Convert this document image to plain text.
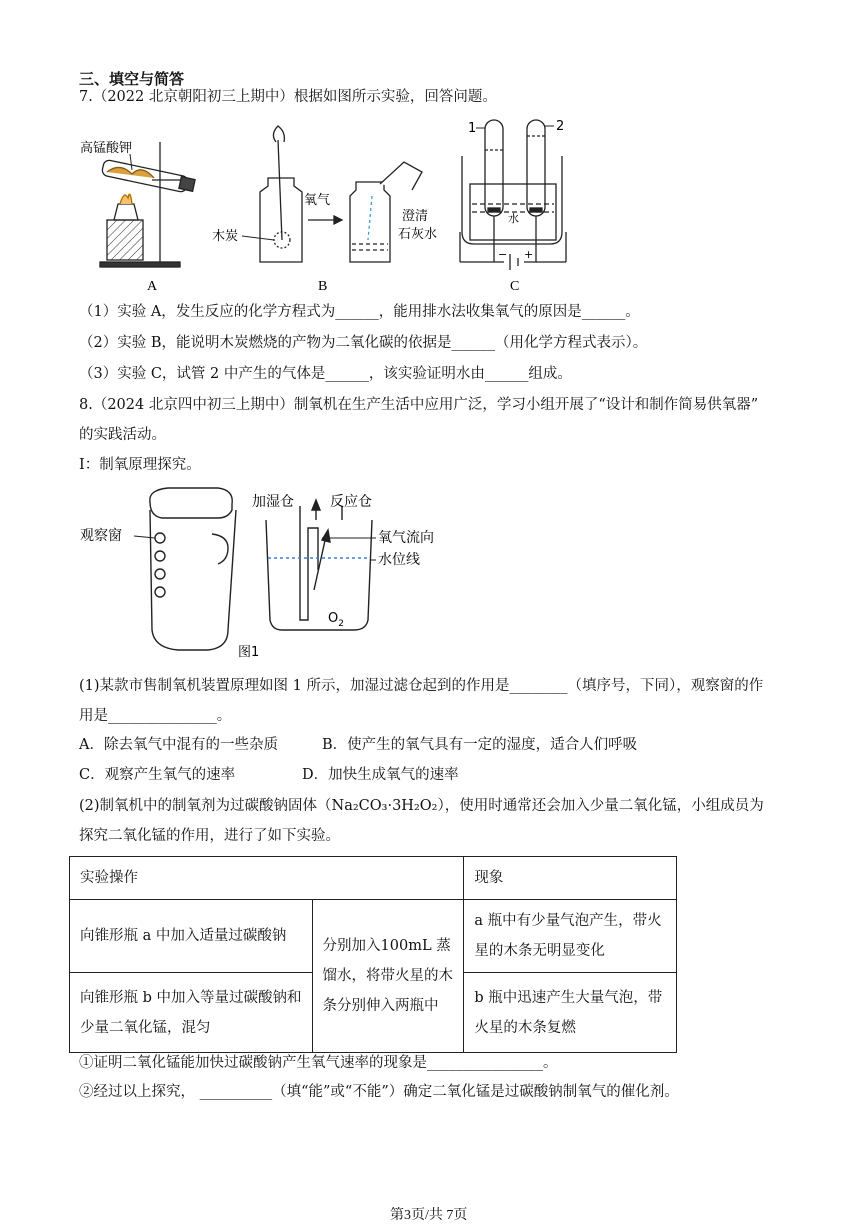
三、填空与简答
7.（2022 北京朝阳初三上期中）根据如图所示实验，回答问题。
高锰酸钾
A
木炭
氧气
澄清
石灰水
B
1	2
水
− +
C
（1）实验 A，发生反应的化学方程式为______，能用排水法收集氧气的原因是______。
（2）实验 B，能说明木炭燃烧的产物为二氧化碳的依据是______（用化学方程式表示）。
（3）实验 C，试管 2 中产生的气体是______，该实验证明水由______组成。
8.（2024 北京四中初三上期中）制氧机在生产生活中应用广泛，学习小组开展了“设计和制作简易供氧器”
的实践活动。
I：制氧原理探究。
观察窗
加湿仓	反应仓
氧气流向
水位线
$O_2$
图1
(1)某款市售制氧机装置原理如图 1 所示，加湿过滤仓起到的作用是________（填序号，下同），观察窗的作
用是_______________。
A．除去氧气中混有的一些杂质	B．使产生的氧气具有一定的湿度，适合人们呼吸
C．观察产生氧气的速率	D．加快生成氧气的速率
(2)制氧机中的制氧剂为过碳酸钠固体（Na₂CO₃·3H₂O₂），使用时通常还会加入少量二氧化锰，小组成员为
探究二氧化锰的作用，进行了如下实验。
实验操作		现象
向锥形瓶 a 中加入适量过碳酸钠	分别加入100mL 蒸馏水，将带火星的木条分别伸入两瓶中	a 瓶中有少量气泡产生，带火星的木条无明显变化
向锥形瓶 b 中加入等量过碳酸钠和少量二氧化锰，混匀		b 瓶中迅速产生大量气泡，带火星的木条复燃
①证明二氧化锰能加快过碳酸钠产生氧气速率的现象是________________。
②经过以上探究， __________（填“能”或“不能”）确定二氧化锰是过碳酸钠制氧气的催化剂。
第3页/共 7页
